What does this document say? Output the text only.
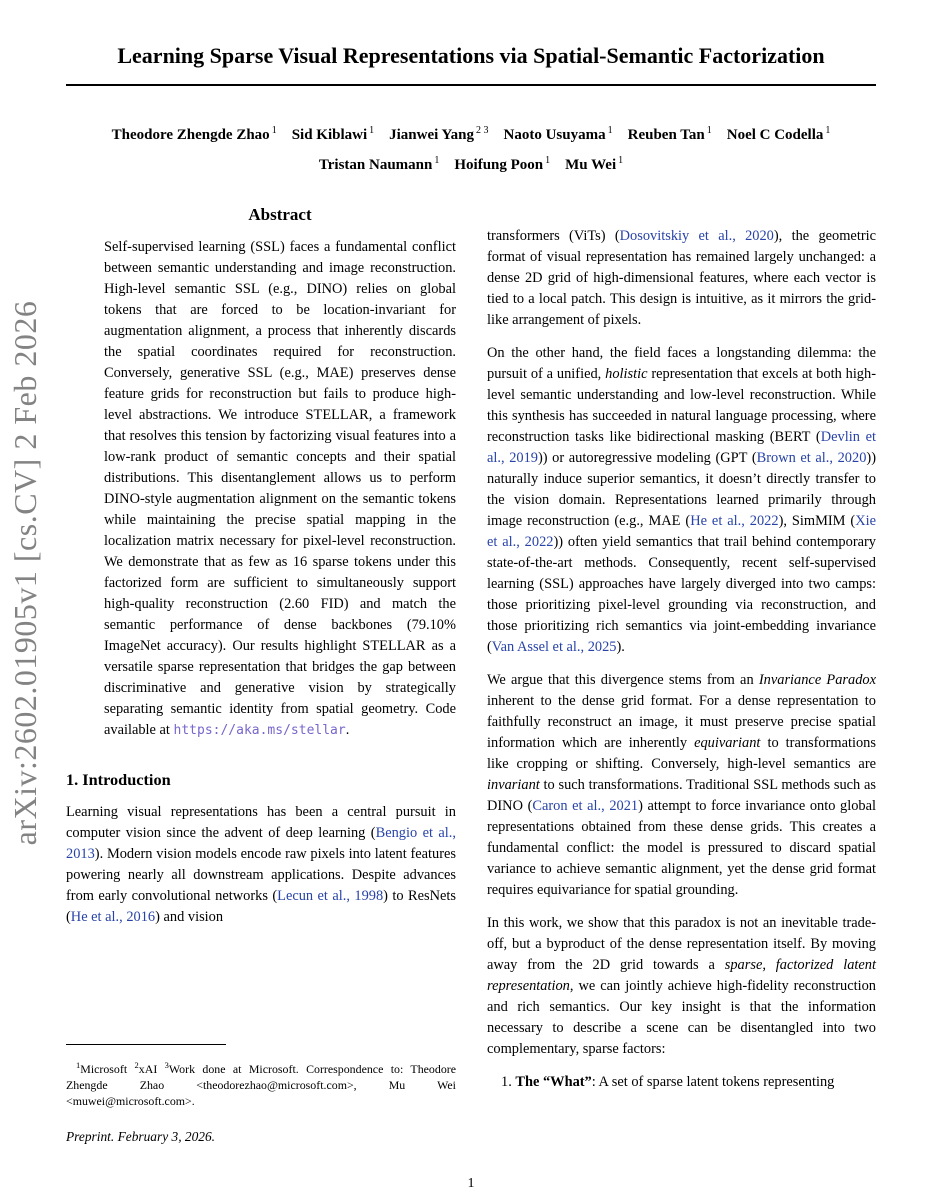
arXiv:2602.01905v1 [cs.CV] 2 Feb 2026
Learning Sparse Visual Representations via Spatial-Semantic Factorization
Theodore Zhengde Zhao $^1$ Sid Kiblawi $^1$ Jianwei Yang $^{2 3}$ Naoto Usuyama $^1$ Reuben Tan $^1$ Noel C Codella $^1$
Tristan Naumann $^1$ Hoifung Poon $^1$ Mu Wei $^1$
Abstract

Self-supervised learning (SSL) faces a fundamental conflict between semantic understanding and image reconstruction. High-level semantic SSL (e.g., DINO) relies on global tokens that are forced to be location-invariant for augmentation alignment, a process that inherently discards the spatial coordinates required for reconstruction. Conversely, generative SSL (e.g., MAE) preserves dense feature grids for reconstruction but fails to produce high-level abstractions. We introduce STELLAR, a framework that resolves this tension by factorizing visual features into a low-rank product of semantic concepts and their spatial distributions. This disentanglement allows us to perform DINO-style augmentation alignment on the semantic tokens while maintaining the precise spatial mapping in the localization matrix necessary for pixel-level reconstruction. We demonstrate that as few as 16 sparse tokens under this factorized form are sufficient to simultaneously support high-quality reconstruction (2.60 FID) and match the semantic performance of dense backbones (79.10% ImageNet accuracy). Our results highlight STELLAR as a versatile sparse representation that bridges the gap between discriminative and generative vision by strategically separating semantic identity from spatial geometry. Code available at https://aka.ms/stellar.

1. Introduction

Learning visual representations has been a central pursuit in computer vision since the advent of deep learning (Bengio et al., 2013). Modern vision models encode raw pixels into latent features powering nearly all downstream applications. Despite advances from early convolutional networks (Lecun et al., 1998) to ResNets (He et al., 2016) and vision

$^1$Microsoft $^2$xAI $^3$Work done at Microsoft. Correspondence to: Theodore Zhengde Zhao <theodorezhao@microsoft.com>, Mu Wei <muwei@microsoft.com>.

Preprint. February 3, 2026.

transformers (ViTs) (Dosovitskiy et al., 2020), the geometric format of visual representation has remained largely unchanged: a dense 2D grid of high-dimensional features, where each vector is tied to a local patch. This design is intuitive, as it mirrors the grid-like arrangement of pixels.

On the other hand, the field faces a longstanding dilemma: the pursuit of a unified, holistic representation that excels at both high-level semantic understanding and low-level reconstruction. While this synthesis has succeeded in natural language processing, where reconstruction tasks like bidirectional masking (BERT (Devlin et al., 2019)) or autoregressive modeling (GPT (Brown et al., 2020)) naturally induce superior semantics, it doesn’t directly transfer to the vision domain. Representations learned primarily through image reconstruction (e.g., MAE (He et al., 2022), SimMIM (Xie et al., 2022)) often yield semantics that trail behind contemporary state-of-the-art methods. Consequently, recent self-supervised learning (SSL) approaches have largely diverged into two camps: those prioritizing pixel-level grounding via reconstruction, and those prioritizing rich semantics via joint-embedding invariance (Van Assel et al., 2025).

We argue that this divergence stems from an Invariance Paradox inherent to the dense grid format. For a dense representation to faithfully reconstruct an image, it must preserve precise spatial information which are inherently equivariant to transformations like cropping or shifting. Conversely, high-level semantics are invariant to such transformations. Traditional SSL methods such as DINO (Caron et al., 2021) attempt to force invariance onto global representations obtained from these dense grids. This creates a fundamental conflict: the model is pressured to discard spatial variance to achieve semantic alignment, yet the dense grid format requires equivariance for spatial grounding.

In this work, we show that this paradox is not an inevitable trade-off, but a byproduct of the dense representation itself. By moving away from the 2D grid towards a sparse, factorized latent representation, we can jointly achieve high-fidelity reconstruction and rich semantics. Our key insight is that the information necessary to describe a scene can be disentangled into two complementary, sparse factors:

1. The “What”: A set of sparse latent tokens representing

1
